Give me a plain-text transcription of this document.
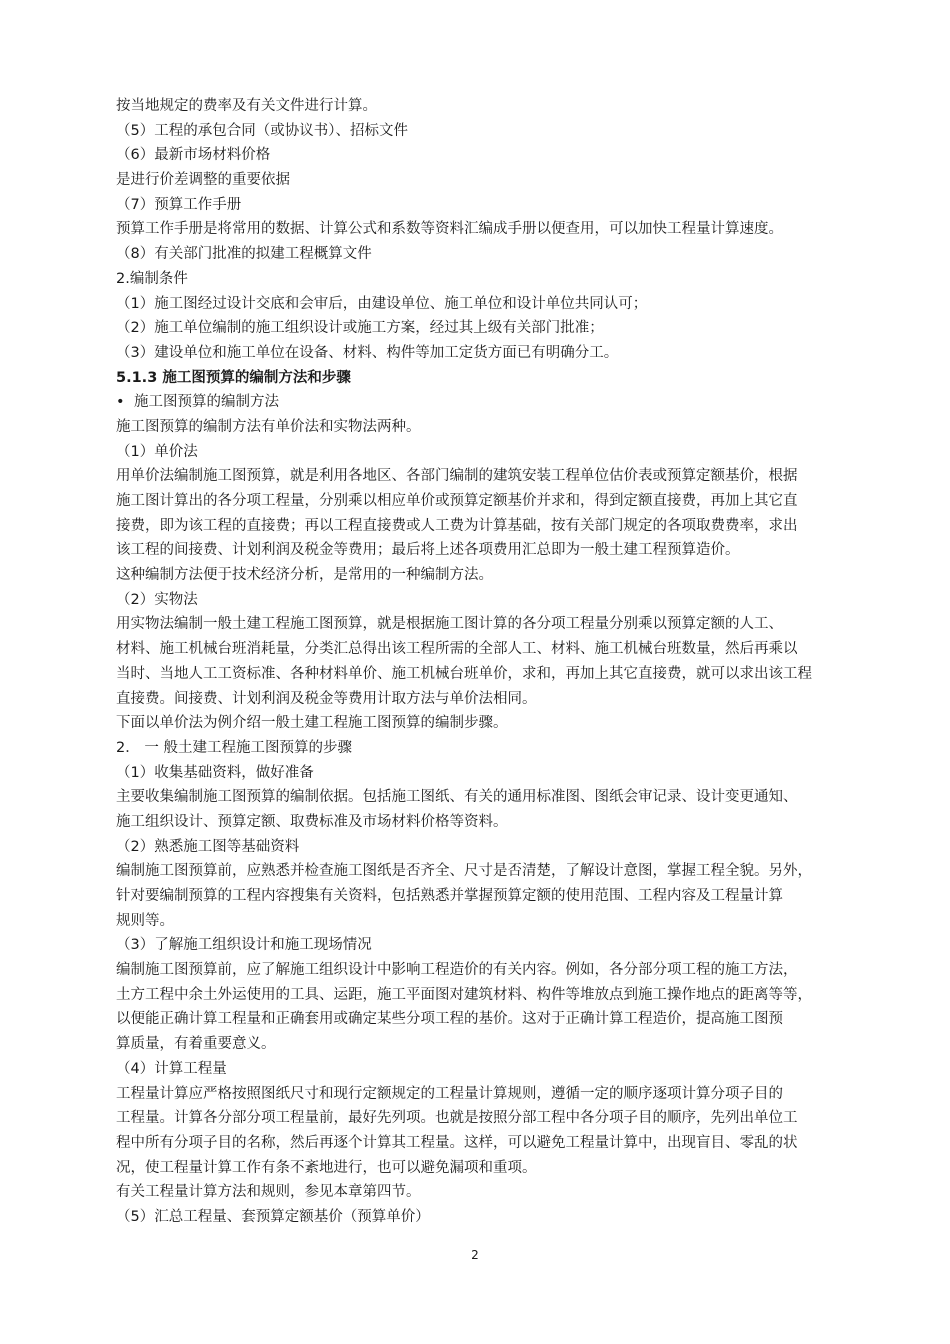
按当地规定的费率及有关文件进行计算。
（5）工程的承包合同（或协议书）、招标文件
（6）最新市场材料价格
是进行价差调整的重要依据
（7）预算工作手册
预算工作手册是将常用的数据、计算公式和系数等资料汇编成手册以便查用，可以加快工程量计算速度。
（8）有关部门批准的拟建工程概算文件
2.编制条件
（1）施工图经过设计交底和会审后，由建设单位、施工单位和设计单位共同认可；
（2）施工单位编制的施工组织设计或施工方案，经过其上级有关部门批准；
（3）建设单位和施工单位在设备、材料、构件等加工定货方面已有明确分工。
5.1.3 施工图预算的编制方法和步骤
• 施工图预算的编制方法
施工图预算的编制方法有单价法和实物法两种。
（1）单价法
用单价法编制施工图预算，就是利用各地区、各部门编制的建筑安装工程单位估价表或预算定额基价，根据
施工图计算出的各分项工程量，分别乘以相应单价或预算定额基价并求和，得到定额直接费，再加上其它直
接费，即为该工程的直接费；再以工程直接费或人工费为计算基础，按有关部门规定的各项取费费率，求出
该工程的间接费、计划利润及税金等费用；最后将上述各项费用汇总即为一般土建工程预算造价。
这种编制方法便于技术经济分析，是常用的一种编制方法。
（2）实物法
用实物法编制一般土建工程施工图预算，就是根据施工图计算的各分项工程量分别乘以预算定额的人工、
材料、施工机械台班消耗量，分类汇总得出该工程所需的全部人工、材料、施工机械台班数量，然后再乘以
当时、当地人工工资标准、各种材料单价、施工机械台班单价，求和，再加上其它直接费，就可以求出该工程
直接费。间接费、计划利润及税金等费用计取方法与单价法相同。
下面以单价法为例介绍一般土建工程施工图预算的编制步骤。
2． 一 般土建工程施工图预算的步骤
（1）收集基础资料，做好准备
主要收集编制施工图预算的编制依据。包括施工图纸、有关的通用标准图、图纸会审记录、设计变更通知、
施工组织设计、预算定额、取费标准及市场材料价格等资料。
（2）熟悉施工图等基础资料
编制施工图预算前，应熟悉并检查施工图纸是否齐全、尺寸是否清楚，了解设计意图，掌握工程全貌。另外，
针对要编制预算的工程内容搜集有关资料，包括熟悉并掌握预算定额的使用范围、工程内容及工程量计算
规则等。
（3）了解施工组织设计和施工现场情况
编制施工图预算前，应了解施工组织设计中影响工程造价的有关内容。例如，各分部分项工程的施工方法，
土方工程中余土外运使用的工具、运距，施工平面图对建筑材料、构件等堆放点到施工操作地点的距离等等，
以便能正确计算工程量和正确套用或确定某些分项工程的基价。这对于正确计算工程造价，提高施工图预
算质量，有着重要意义。
（4）计算工程量
工程量计算应严格按照图纸尺寸和现行定额规定的工程量计算规则，遵循一定的顺序逐项计算分项子目的
工程量。计算各分部分项工程量前，最好先列项。也就是按照分部工程中各分项子目的顺序，先列出单位工
程中所有分项子目的名称，然后再逐个计算其工程量。这样，可以避免工程量计算中，出现盲目、零乱的状
况，使工程量计算工作有条不紊地进行，也可以避免漏项和重项。
有关工程量计算方法和规则，参见本章第四节。
（5）汇总工程量、套预算定额基价（预算单价）
2
